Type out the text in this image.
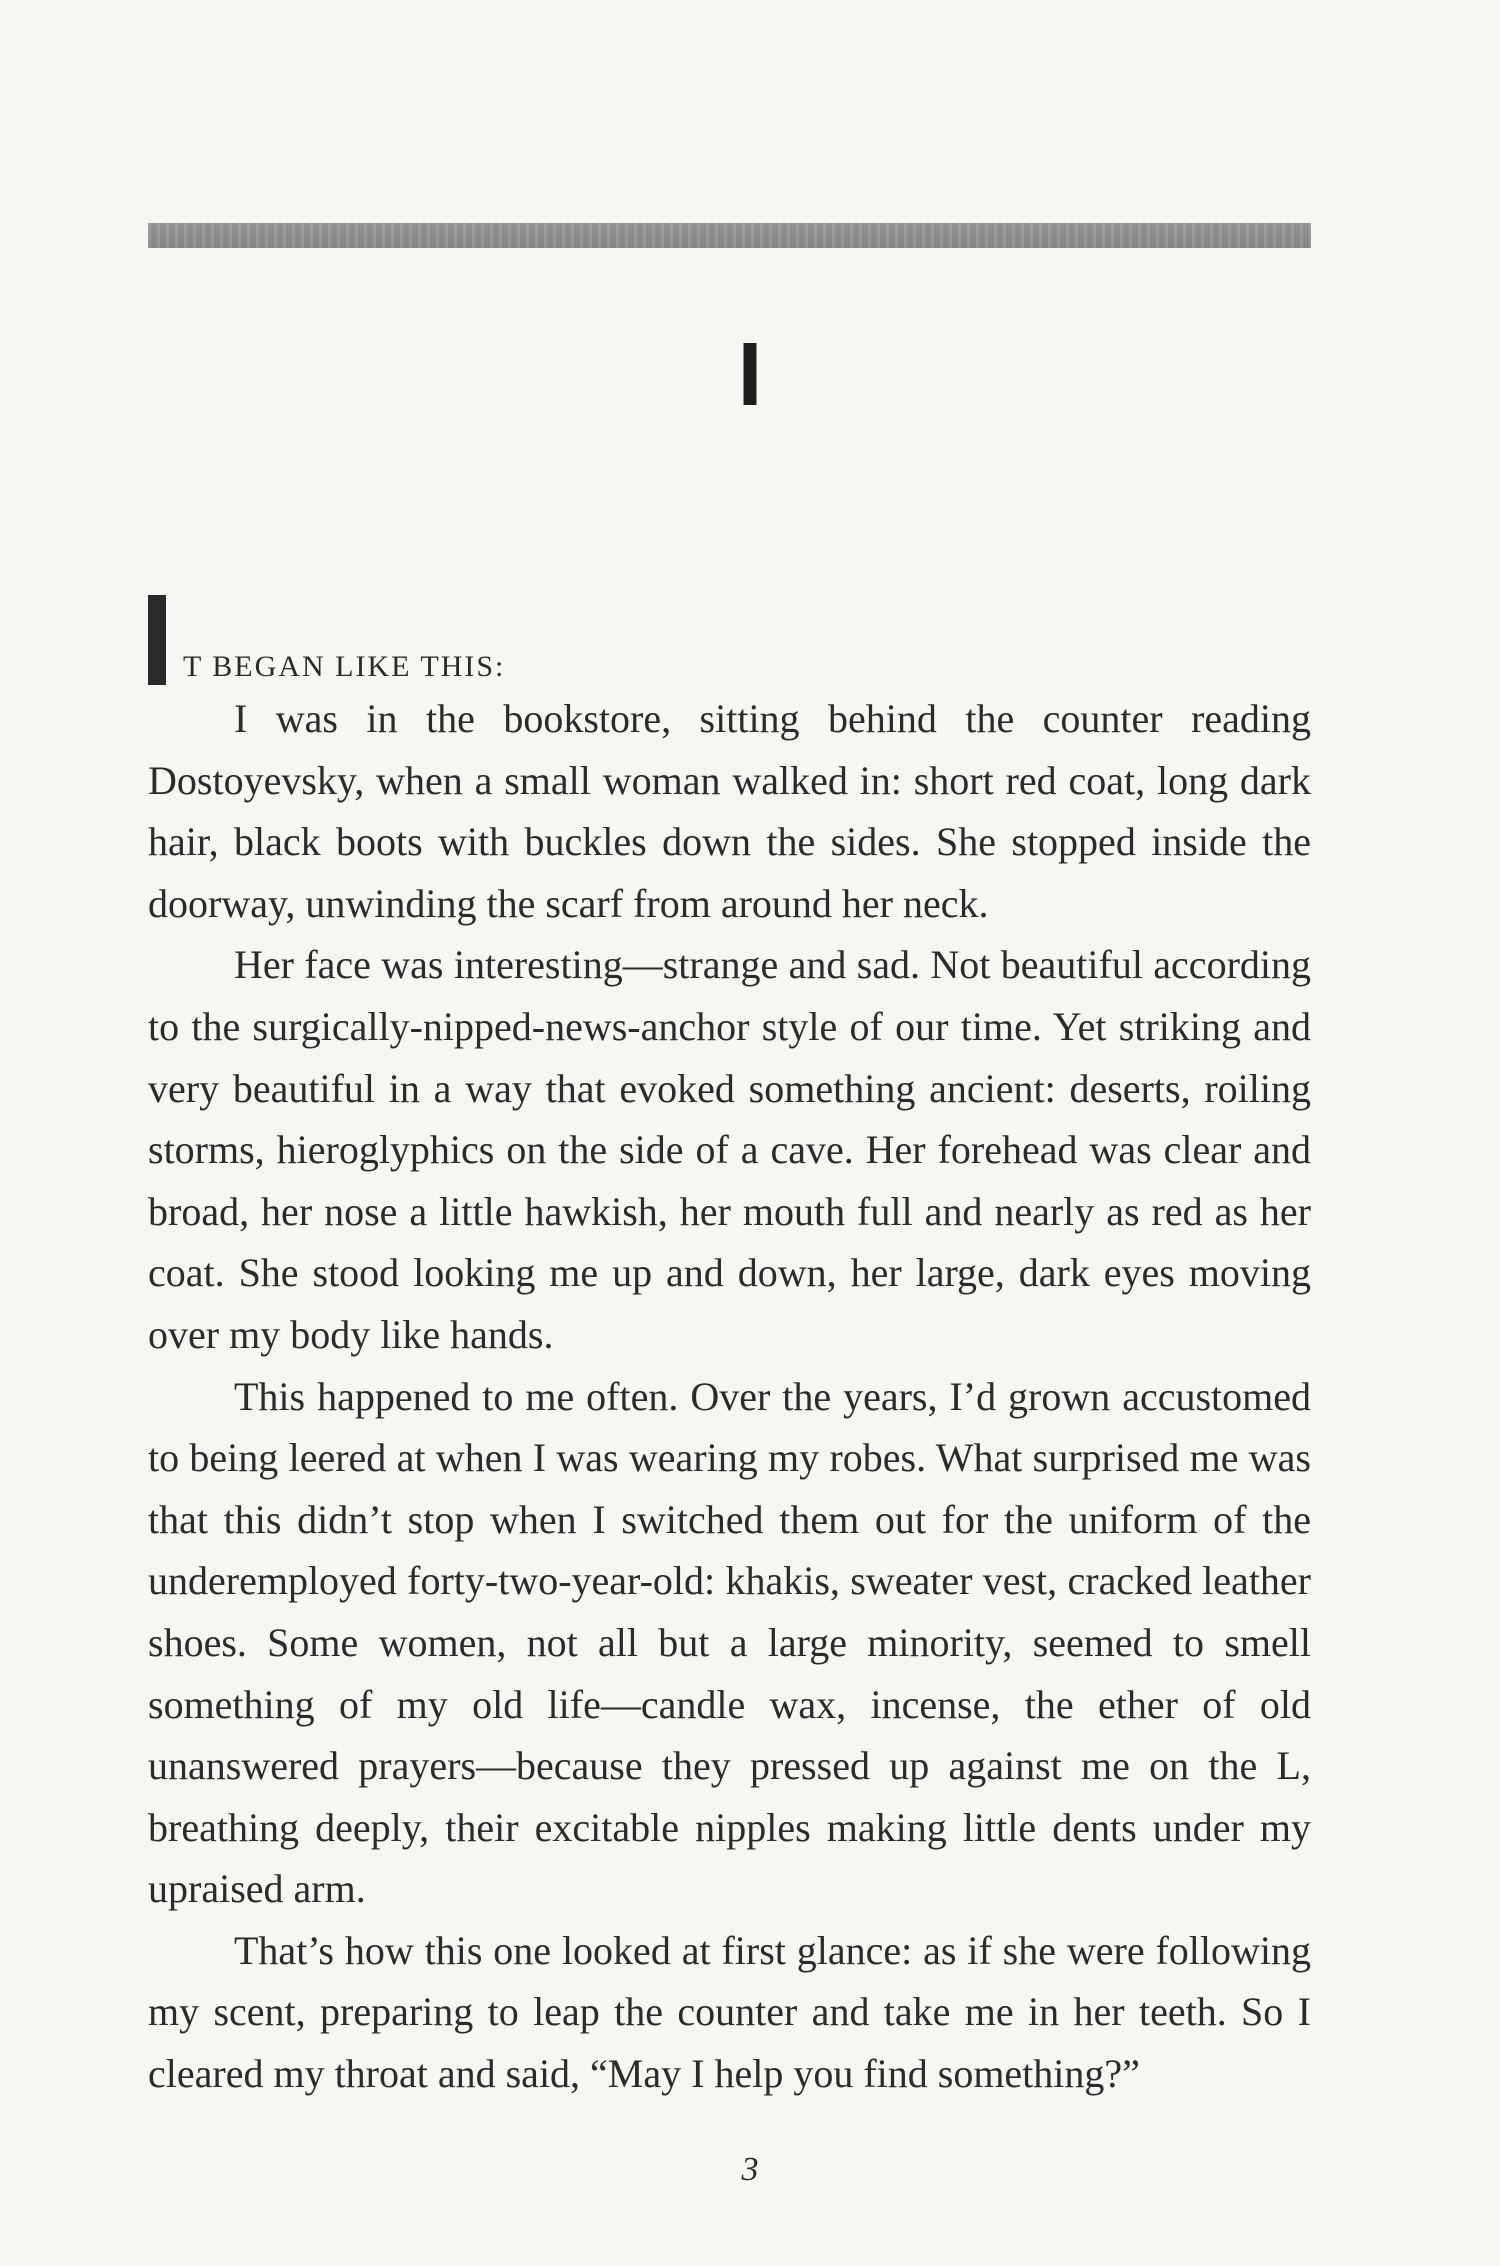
I
T BEGAN LIKE THIS:

I was in the bookstore, sitting behind the counter reading Dostoyevsky, when a small woman walked in: short red coat, long dark hair, black boots with buckles down the sides. She stopped inside the doorway, unwinding the scarf from around her neck.

Her face was interesting—strange and sad. Not beautiful according to the surgically-nipped-news-anchor style of our time. Yet striking and very beautiful in a way that evoked something ancient: deserts, roiling storms, hieroglyphics on the side of a cave. Her forehead was clear and broad, her nose a little hawkish, her mouth full and nearly as red as her coat. She stood looking me up and down, her large, dark eyes moving over my body like hands.

This happened to me often. Over the years, I’d grown accustomed to being leered at when I was wearing my robes. What surprised me was that this didn’t stop when I switched them out for the uniform of the underemployed forty-two-year-old: khakis, sweater vest, cracked leather shoes. Some women, not all but a large minority, seemed to smell something of my old life—candle wax, incense, the ether of old unanswered prayers—because they pressed up against me on the L, breathing deeply, their excitable nipples making little dents under my upraised arm.

That’s how this one looked at first glance: as if she were following my scent, preparing to leap the counter and take me in her teeth. So I cleared my throat and said, “May I help you find something?”

3
